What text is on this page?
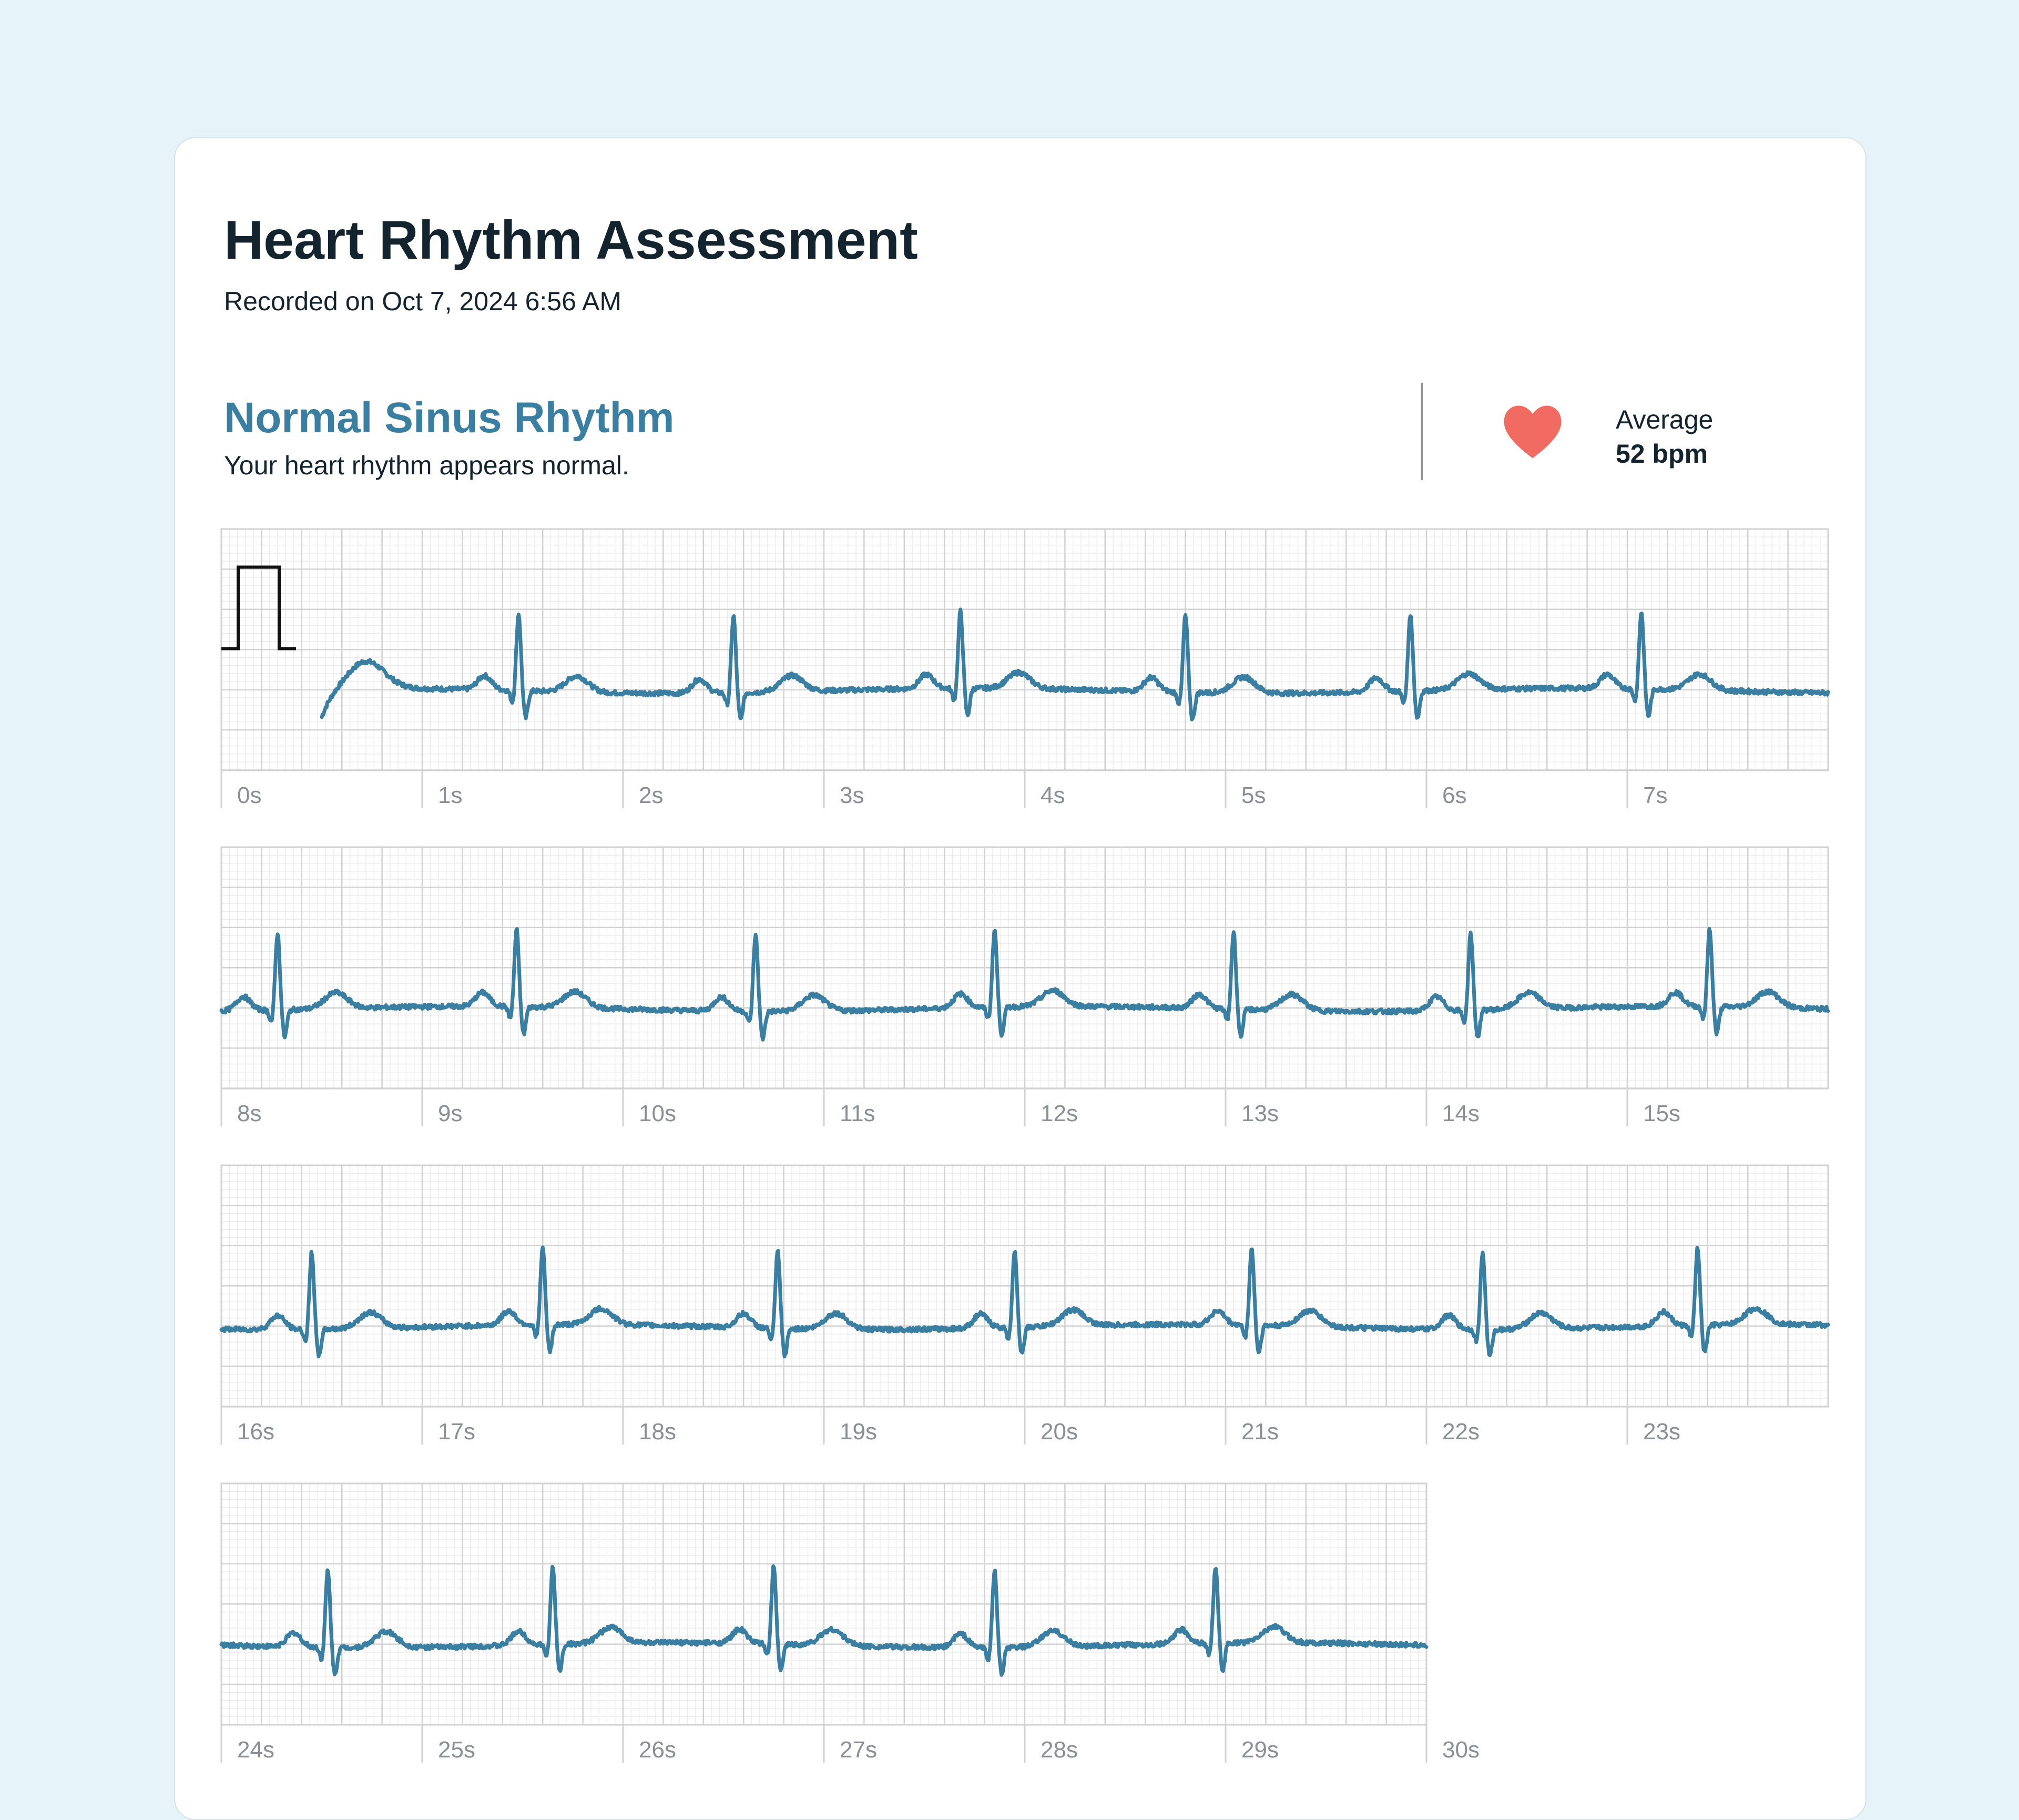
Heart Rhythm Assessment
Recorded on Oct 7, 2024 6:56 AM
Normal Sinus Rhythm
Your heart rhythm appears normal.
Average
52 bpm
0s	1s	2s	3s	4s	5s	6s	7s
8s	9s	10s	11s	12s	13s	14s	15s
16s	17s	18s	19s	20s	21s	22s	23s
24s	25s	26s	27s	28s	29s	30s
